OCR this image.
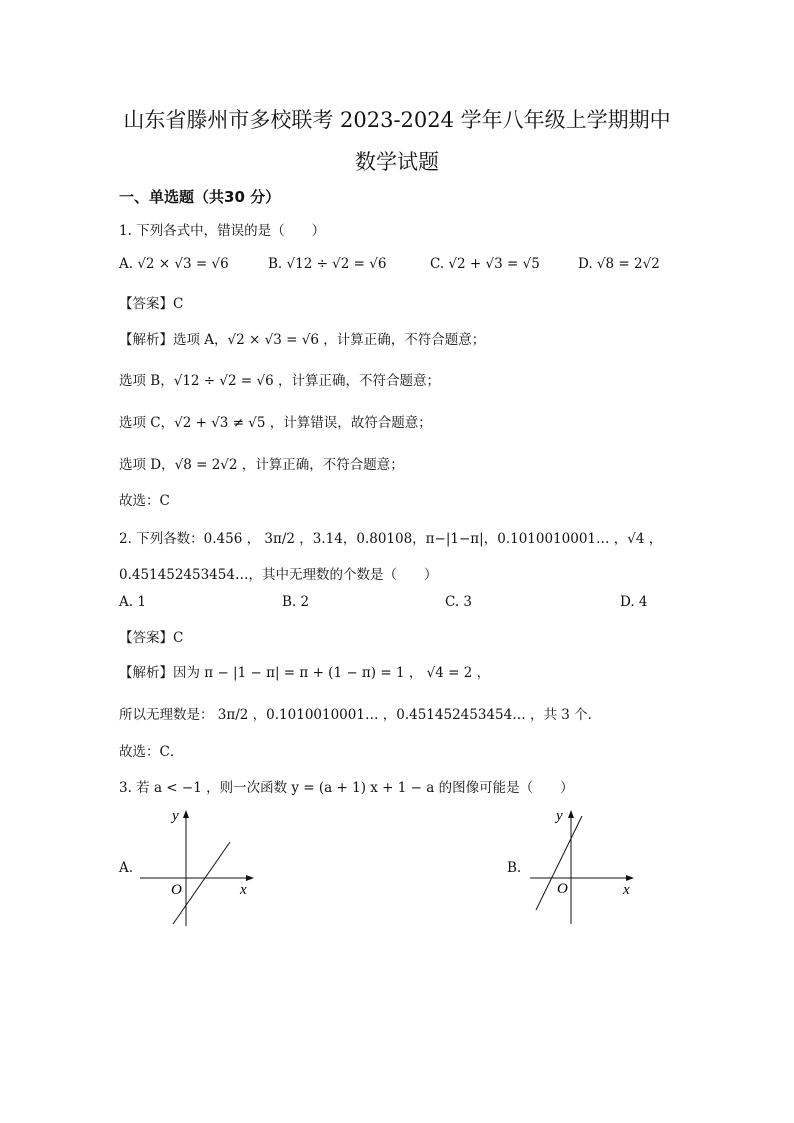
山东省滕州市多校联考 2023-2024 学年八年级上学期期中
数学试题
一、单选题（共30 分）
1. 下列各式中，错误的是（　　）
A. √2 × √3 = √6	B. √12 ÷ √2 = √6	C. √2 + √3 = √5	D. √8 = 2√2
【答案】C
【解析】选项 A，√2 × √3 = √6 ，计算正确，不符合题意；
选项 B，√12 ÷ √2 = √6 ，计算正确，不符合题意；
选项 C，√2 + √3 ≠ √5 ，计算错误，故符合题意；
选项 D，√8 = 2√2 ，计算正确，不符合题意；
故选：C
2. 下列各数：0.4̇5̇6 ， 3π/2 ，3.14，0.80108，π−|1−π|，0.1010010001… ，√4 ，
0.451452453454…，其中无理数的个数是（　　）
A. 1	B. 2	C. 3	D. 4
【答案】C
【解析】因为 π − |1 − π| = π + (1 − π) = 1 ， √4 = 2 ，
所以无理数是： 3π/2 ，0.1010010001… ，0.451452453454… ，共 3 个．
故选：C．
3. 若 a < −1 ，则一次函数 y = (a + 1) x + 1 − a 的图像可能是（　　）
A.
y
x
O
B.
y
x
O
